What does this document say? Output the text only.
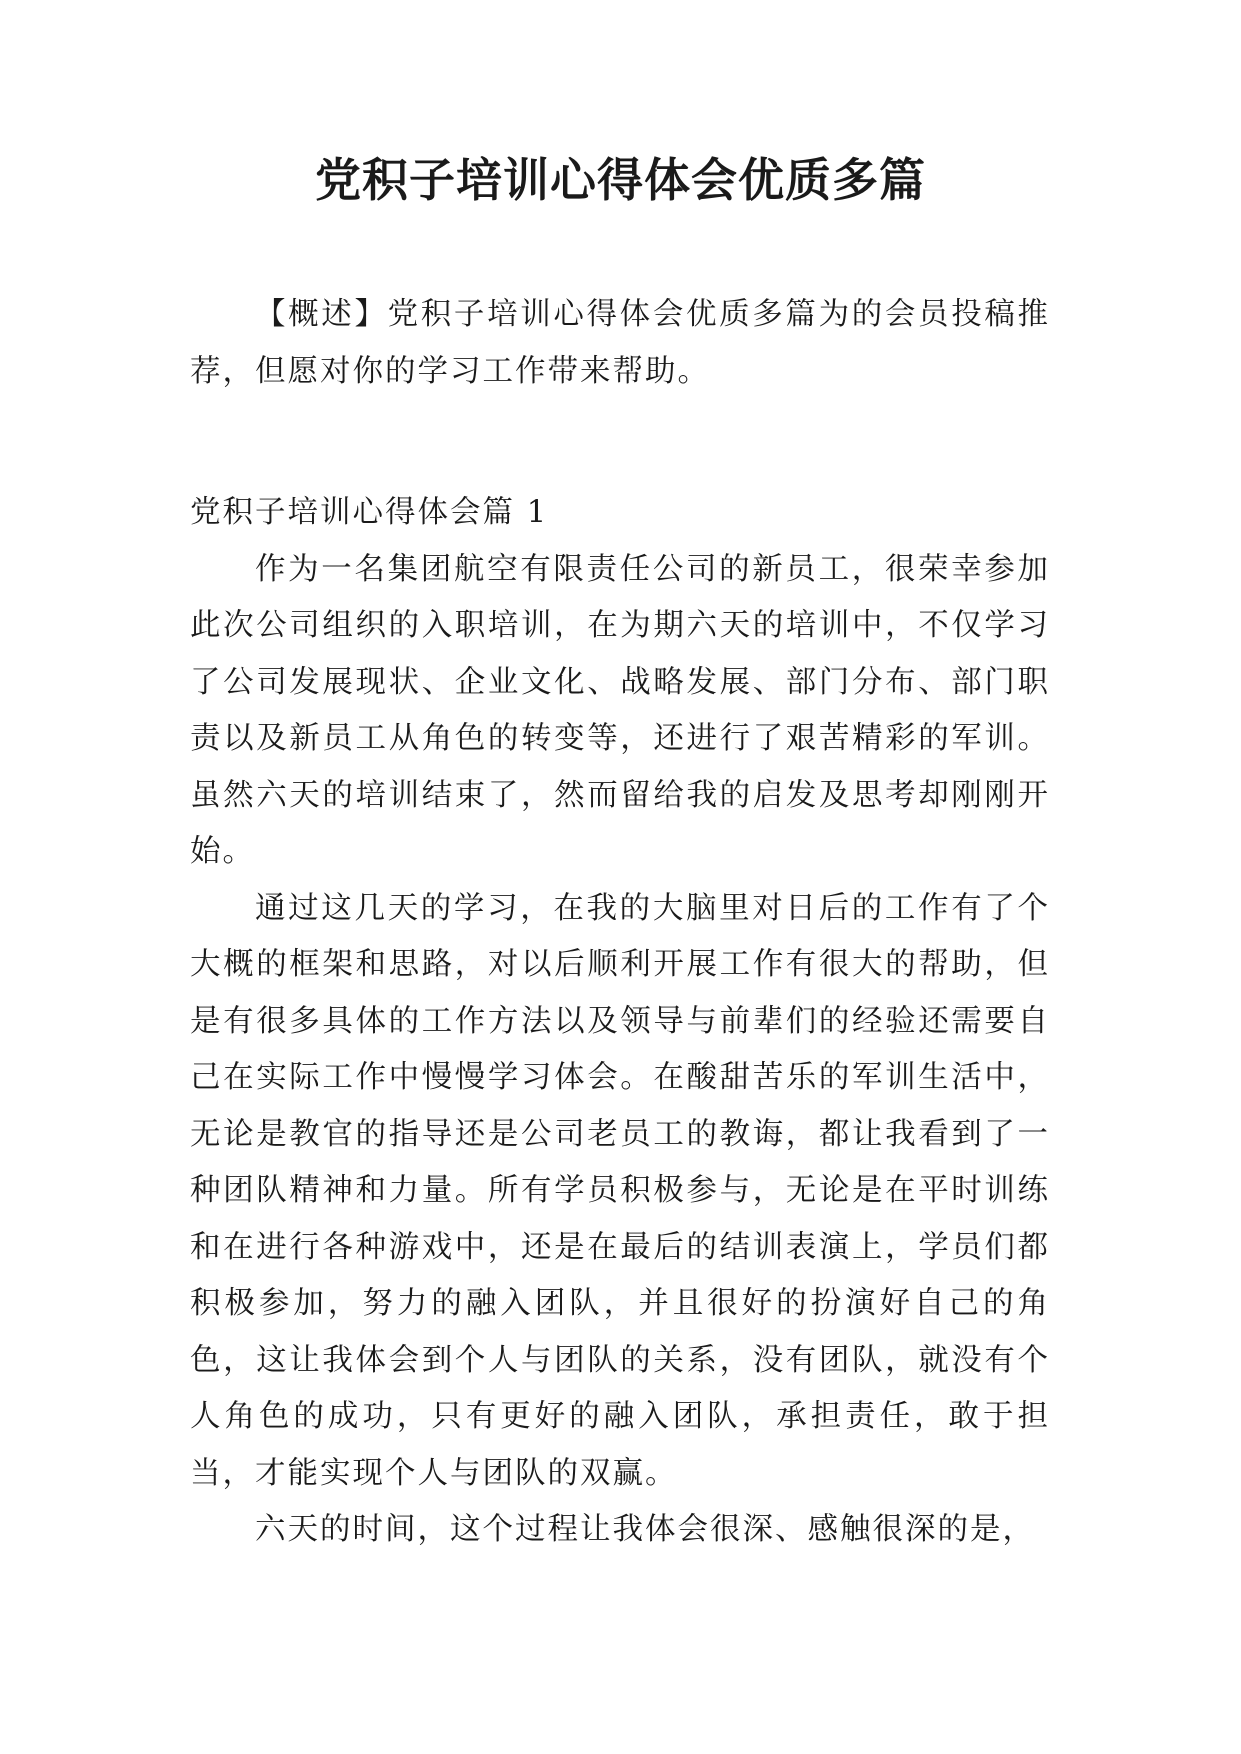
党积子培训心得体会优质多篇

【概述】党积子培训心得体会优质多篇为的会员投稿推荐，但愿对你的学习工作带来帮助。

党积子培训心得体会篇 1

作为一名集团航空有限责任公司的新员工，很荣幸参加此次公司组织的入职培训，在为期六天的培训中，不仅学习了公司发展现状、企业文化、战略发展、部门分布、部门职责以及新员工从角色的转变等，还进行了艰苦精彩的军训。虽然六天的培训结束了，然而留给我的启发及思考却刚刚开始。

通过这几天的学习，在我的大脑里对日后的工作有了个大概的框架和思路，对以后顺利开展工作有很大的帮助，但是有很多具体的工作方法以及领导与前辈们的经验还需要自己在实际工作中慢慢学习体会。在酸甜苦乐的军训生活中，无论是教官的指导还是公司老员工的教诲，都让我看到了一种团队精神和力量。所有学员积极参与，无论是在平时训练和在进行各种游戏中，还是在最后的结训表演上，学员们都积极参加，努力的融入团队，并且很好的扮演好自己的角色，这让我体会到个人与团队的关系，没有团队，就没有个人角色的成功，只有更好的融入团队，承担责任，敢于担当，才能实现个人与团队的双赢。

六天的时间，这个过程让我体会很深、感触很深的是，
